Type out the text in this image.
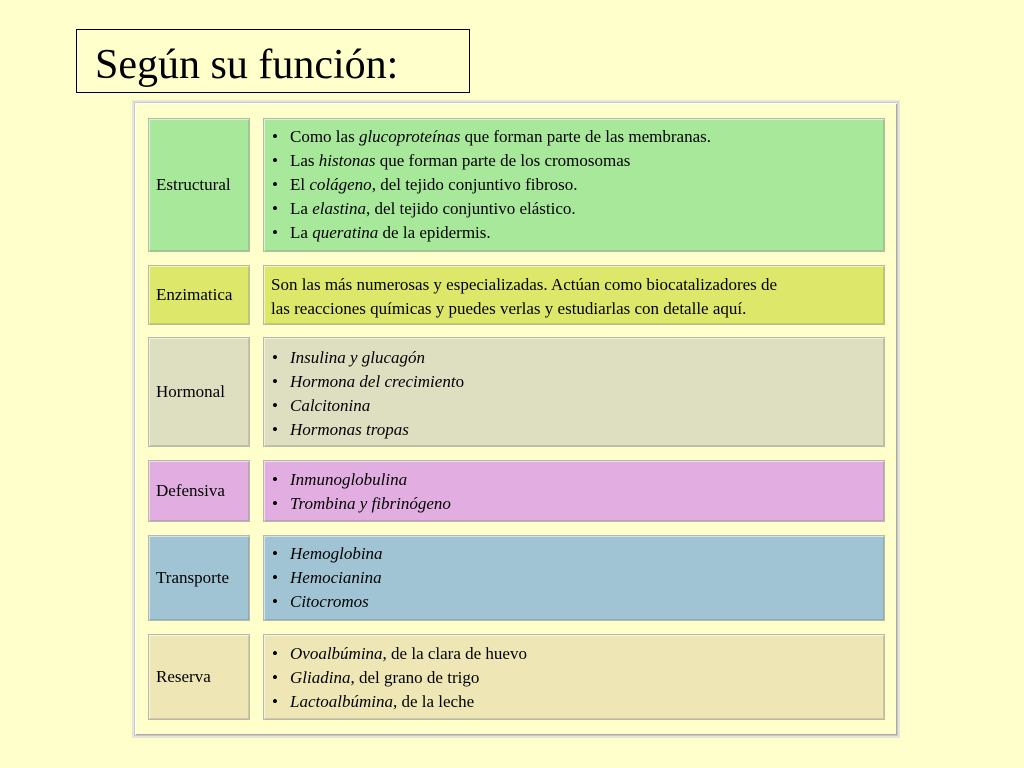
Según su función:
Estructural
• Como las glucoproteínas que forman parte de las membranas.
• Las histonas que forman parte de los cromosomas
• El colágeno, del tejido conjuntivo fibroso.
• La elastina, del tejido conjuntivo elástico.
• La queratina de la epidermis.
Enzimatica

Son las más numerosas y especializadas. Actúan como biocatalizadores de

las reacciones químicas y puedes verlas y estudiarlas con detalle aquí.

Hormonal
• Insulina y glucagón
• Hormona del crecimiento
• Calcitonina
• Hormonas tropas
Defensiva
• Inmunoglobulina
• Trombina y fibrinógeno
Transporte
• Hemoglobina
• Hemocianina
• Citocromos
Reserva
• Ovoalbúmina, de la clara de huevo
• Gliadina, del grano de trigo
• Lactoalbúmina, de la leche
